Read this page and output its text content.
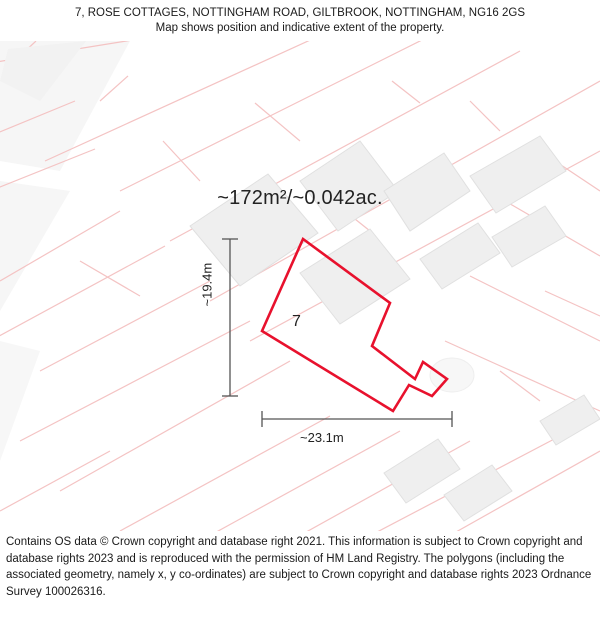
7, ROSE COTTAGES, NOTTINGHAM ROAD, GILTBROOK, NOTTINGHAM, NG16 2GS
Map shows position and indicative extent of the property.
~172m²/~0.042ac.
7
~19.4m
~23.1m
Contains OS data © Crown copyright and database right 2021. This information is subject to Crown copyright and database rights 2023 and is reproduced with the permission of HM Land Registry. The polygons (including the associated geometry, namely x, y co-ordinates) are subject to Crown copyright and database rights 2023 Ordnance Survey 100026316.
